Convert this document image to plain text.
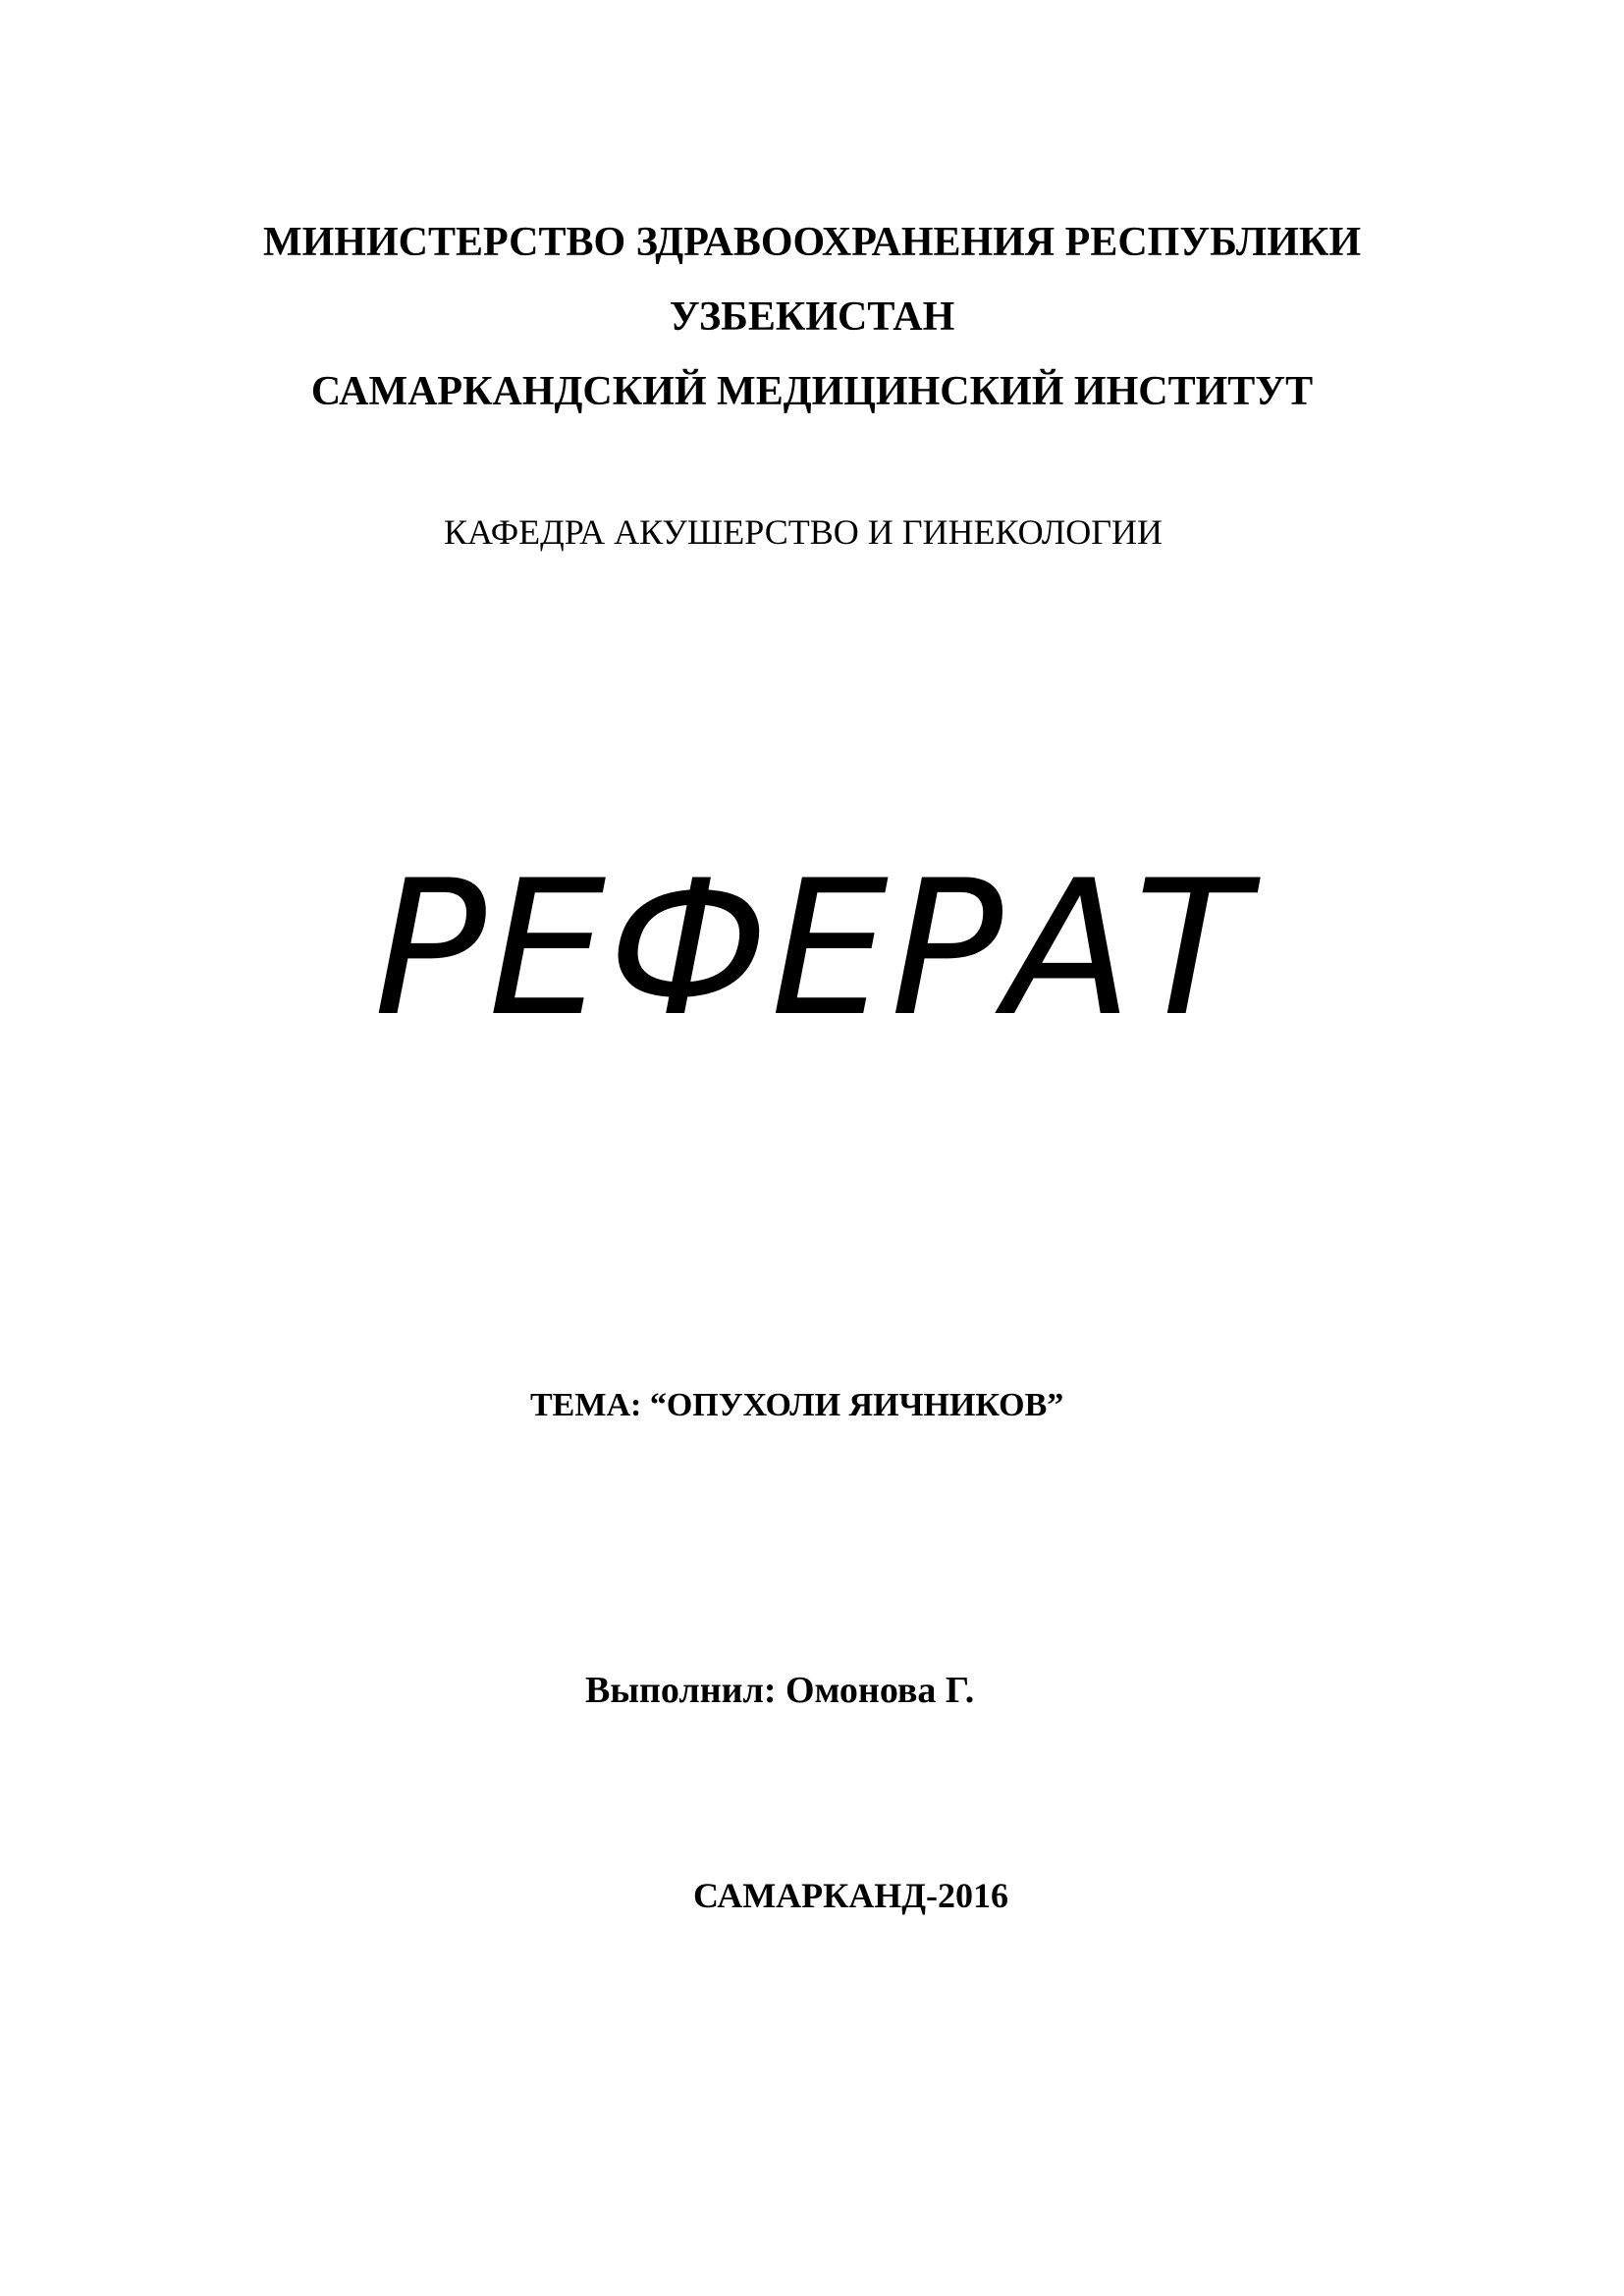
МИНИСТЕРСТВО ЗДРАВООХРАНЕНИЯ РЕСПУБЛИКИ
УЗБЕКИСТАН
САМАРКАНДСКИЙ МЕДИЦИНСКИЙ ИНСТИТУТ
КАФЕДРА АКУШЕРСТВО И ГИНЕКОЛОГИИ
РЕФЕРАТ
ТЕМА: “ОПУХОЛИ ЯИЧНИКОВ”
Выполнил: Омонова Г.
САМАРКАНД-2016
